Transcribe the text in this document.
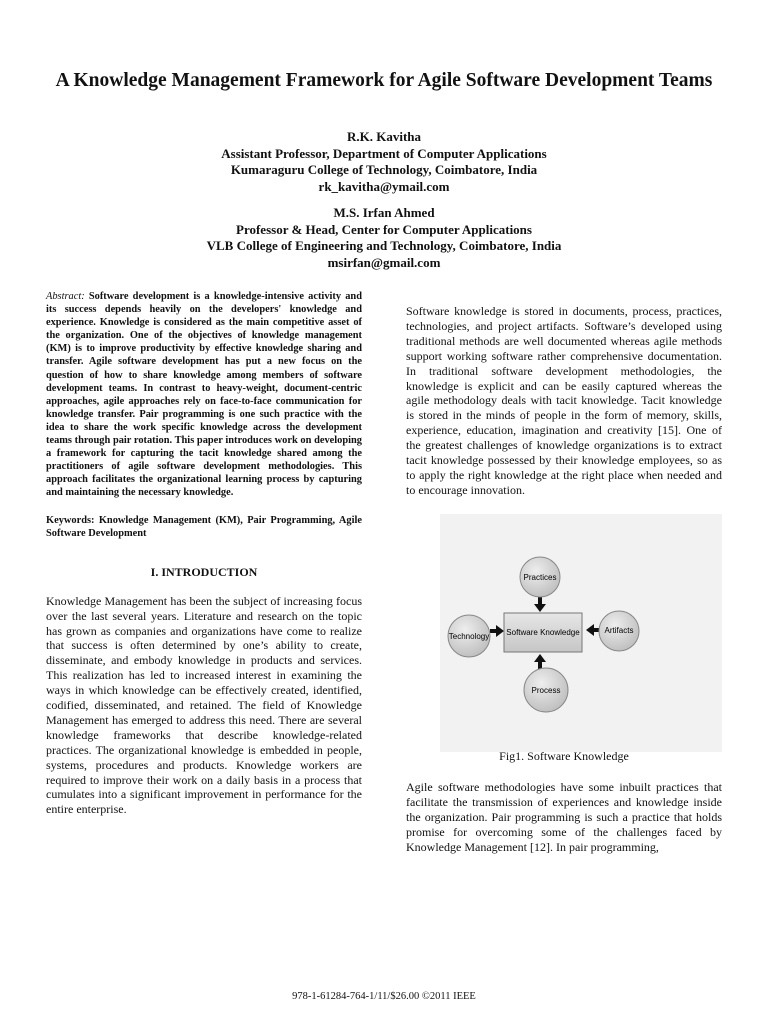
A Knowledge Management Framework for Agile Software Development Teams
R.K. Kavitha
Assistant Professor, Department of Computer Applications
Kumaraguru College of Technology, Coimbatore, India
rk_kavitha@ymail.com
M.S. Irfan Ahmed
Professor & Head, Center for Computer Applications
VLB College of Engineering and Technology, Coimbatore, India
msirfan@gmail.com

Abstract: Software development is a knowledge-intensive activity and its success depends heavily on the developers' knowledge and experience. Knowledge is considered as the main competitive asset of the organization. One of the objectives of knowledge management (KM) is to improve productivity by effective knowledge sharing and transfer. Agile software development has put a new focus on the question of how to share knowledge among members of software development teams. In contrast to heavy-weight, document-centric approaches, agile approaches rely on face-to-face communication for knowledge transfer. Pair programming is one such practice with the idea to share the work specific knowledge across the development teams through pair rotation. This paper introduces work on developing a framework for capturing the tacit knowledge shared among the practitioners of agile software development methodologies. This approach facilitates the organizational learning process by capturing and maintaining the necessary knowledge.

Keywords: Knowledge Management (KM), Pair Programming, Agile Software Development

I. INTRODUCTION

Knowledge Management has been the subject of increasing focus over the last several years. Literature and research on the topic has grown as companies and organizations have come to realize that success is often determined by one’s ability to create, disseminate, and embody knowledge in products and services. This realization has led to increased interest in examining the ways in which knowledge can be effectively created, identified, codified, disseminated, and retained. The field of Knowledge Management has emerged to address this need. There are several knowledge frameworks that describe knowledge-related practices. The organizational knowledge is embedded in people, systems, procedures and products. Knowledge workers are required to improve their work on a daily basis in a process that cumulates into a significant improvement in performance for the entire enterprise.

Software knowledge is stored in documents, process, practices, technologies, and project artifacts. Software’s developed using traditional methods are well documented whereas agile methods support working software rather comprehensive documentation. In traditional software development methodologies, the knowledge is explicit and can be easily captured whereas the agile methodology deals with tacit knowledge. Tacit knowledge is stored in the minds of people in the form of memory, skills, experience, education, imagination and creativity [15]. One of the greatest challenges of knowledge organizations is to extract tacit knowledge possessed by their knowledge employees, so as to apply the right knowledge at the right place when needed and to encourage innovation.

Software Knowledge
Practices
Technology
Artifacts
Process
Fig1. Software Knowledge

Agile software methodologies have some inbuilt practices that facilitate the transmission of experiences and knowledge inside the organization. Pair programming is such a practice that holds promise for overcoming some of the challenges faced by Knowledge Management [12]. In pair programming,

978-1-61284-764-1/11/$26.00 ©2011 IEEE
